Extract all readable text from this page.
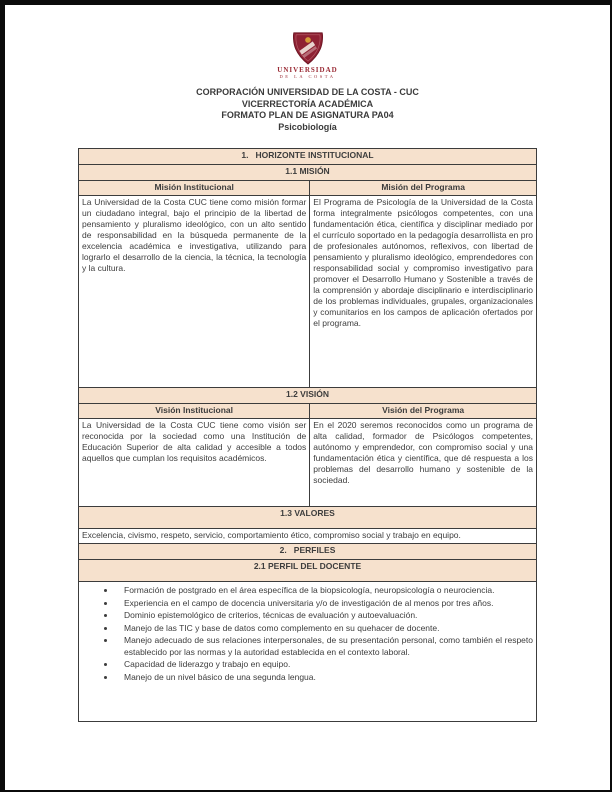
UNIVERSIDAD
DE LA COSTA
CORPORACIÓN UNIVERSIDAD DE LA COSTA - CUC
VICERRECTORÍA ACADÉMICA
FORMATO PLAN DE ASIGNATURA PA04
Psicobiología
1.   HORIZONTE INSTITUCIONAL	
1.1 MISIÓN	
Misión Institucional	Misión del Programa
La Universidad de la Costa CUC tiene como misión formar un ciudadano integral, bajo el principio de la libertad de pensamiento y pluralismo ideológico, con un alto sentido de responsabilidad en la búsqueda permanente de la excelencia académica e investigativa, utilizando para lograrlo el desarrollo de la ciencia, la técnica, la tecnología y la cultura.	El Programa de Psicología de la Universidad de la Costa forma integralmente psicólogos competentes, con una fundamentación ética, científica y disciplinar mediado por el currículo soportado en la pedagogía desarrollista en pro de profesionales autónomos, reflexivos, con libertad de pensamiento y pluralismo ideológico, emprendedores con responsabilidad social y compromiso investigativo para promover el Desarrollo Humano y Sostenible a través de la comprensión y abordaje disciplinario e interdisciplinario de los problemas individuales, grupales, organizacionales y comunitarios en los campos de aplicación ofertados por el programa.
1.2 VISIÓN	
Visión Institucional	Visión del Programa
La Universidad de la Costa CUC tiene como visión ser reconocida por la sociedad como una Institución de Educación Superior de alta calidad y accesible a todos aquellos que cumplan los requisitos académicos.	En el 2020 seremos reconocidos como un programa de alta calidad, formador de Psicólogos competentes, autónomo y emprendedor, con compromiso social y una fundamentación ética y científica, que dé respuesta a los problemas del desarrollo humano y sostenible de la sociedad.
1.3 VALORES	
Excelencia, civismo, respeto, servicio, comportamiento ético, compromiso social y trabajo en equipo.	
2.   PERFILES	
2.1 PERFIL DEL DOCENTE	

• Formación de postgrado en el área específica de la biopsicología, neuropsicología o neurociencia.
• Experiencia en el campo de docencia universitaria y/o de investigación de al menos por tres años.
• Dominio epistemológico de criterios, técnicas de evaluación y autoevaluación.
• Manejo de las TIC y base de datos como complemento en su quehacer de docente.
• Manejo adecuado de sus relaciones interpersonales, de su presentación personal, como también el respeto establecido por las normas y la autoridad establecida en el contexto laboral.
• Capacidad de liderazgo y trabajo en equipo.
• Manejo de un nivel básico de una segunda lengua.
